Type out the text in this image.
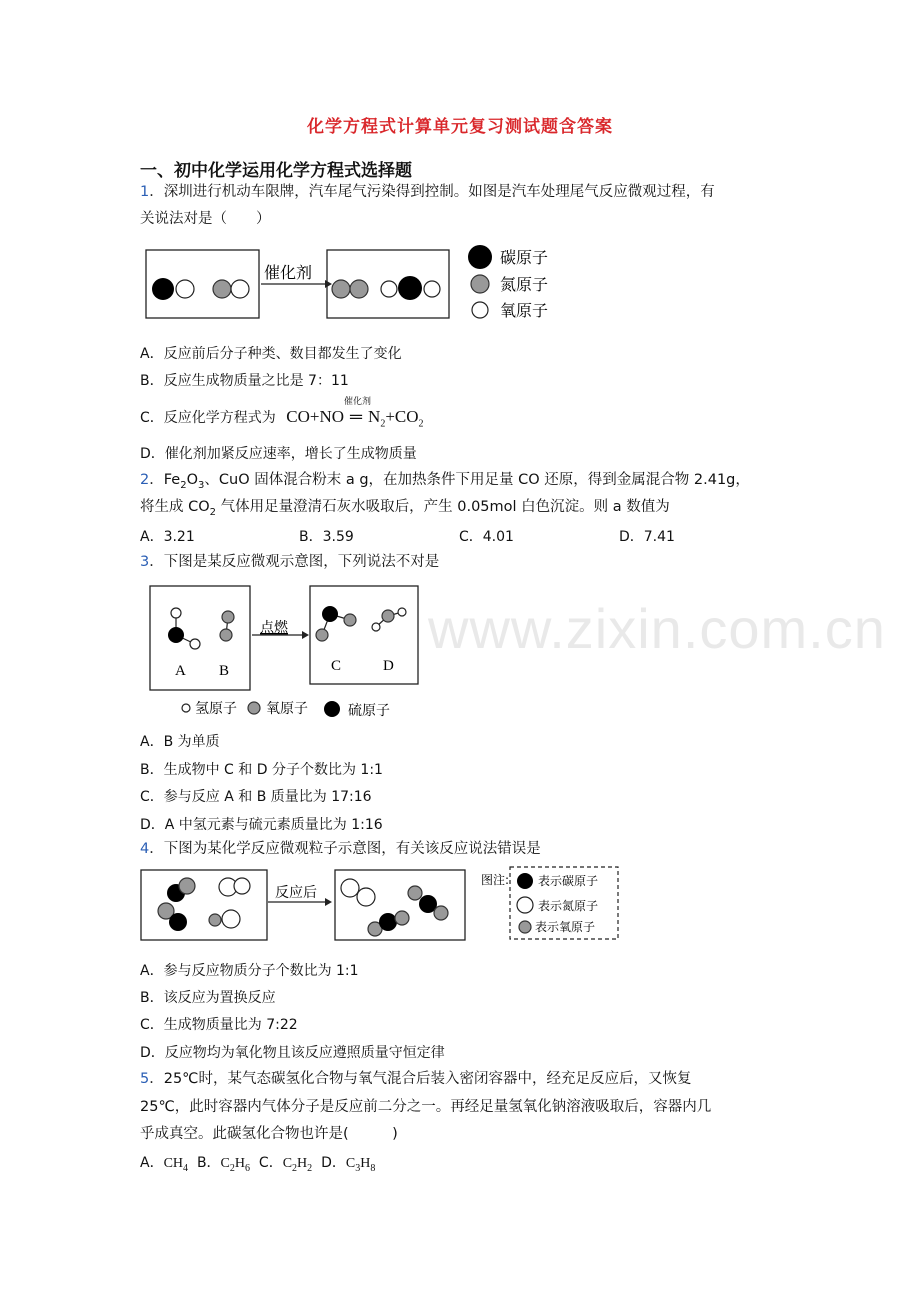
www.zixin.com.cn
化学方程式计算单元复习测试题含答案
一、初中化学运用化学方程式选择题
1．深圳进行机动车限牌，汽车尾气污染得到控制。如图是汽车处理尾气反应微观过程，有
关说法对是（　　）
催化剂
碳原子
氮原子
氧原子
A．反应前后分子种类、数目都发生了变化
B．反应生成物质量之比是 7：11
C．反应化学方程式为 CO+NO
催化剂
═ $N_2+CO_2$
D．催化剂加紧反应速率，增长了生成物质量
2．$Fe_2O_3$、CuO 固体混合粉末 a g，在加热条件下用足量 CO 还原，得到金属混合物 2.41g，
将生成 $CO_2$ 气体用足量澄清石灰水吸取后，产生 0.05mol 白色沉淀。则 a 数值为
A．3.21	B．3.59	C．4.01	D．7.41
3．下图是某反应微观示意图，下列说法不对是
A B
点燃
C	D
氢原子 氧原子	硫原子
A．B 为单质
B．生成物中 C 和 D 分子个数比为 1:1
C．参与反应 A 和 B 质量比为 17:16
D．A 中氢元素与硫元素质量比为 1:16
4．下图为某化学反应微观粒子示意图，有关该反应说法错误是
反应后
图注: 表示碳原子
表示氮原子
表示氧原子
A．参与反应物质分子个数比为 1:1
B．该反应为置换反应
C．生成物质量比为 7:22
D．反应物均为氧化物且该反应遵照质量守恒定律
5．25℃时，某气态碳氢化合物与氧气混合后装入密闭容器中，经充足反应后，又恢复
25℃，此时容器内气体分子是反应前二分之一。再经足量氢氧化钠溶液吸取后，容器内几
乎成真空。此碳氢化合物也许是(　　　)
A．$CH_4$ B．$C_2H_6$ C．$C_2H_2$ D．$C_3H_8$
